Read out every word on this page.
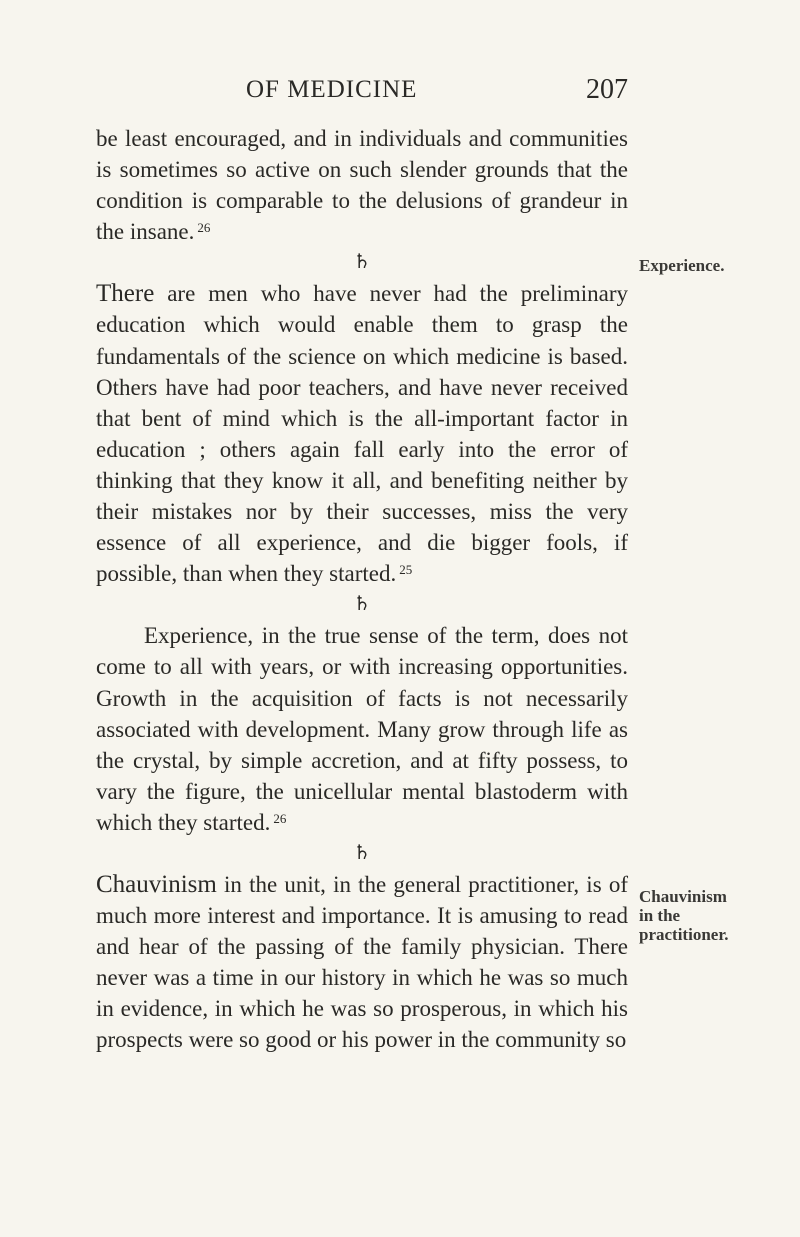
OF MEDICINE	207

be least encouraged, and in individuals and communities is sometimes so active on such slender grounds that the condition is comparable to the delusions of grandeur in the insane. $^{26}$

♄

There are men who have never had the preliminary education which would enable them to grasp the fundamentals of the science on which medicine is based. Others have had poor teachers, and have never received that bent of mind which is the all-important factor in education ; others again fall early into the error of thinking that they know it all, and benefiting neither by their mistakes nor by their successes, miss the very essence of all experience, and die bigger fools, if possible, than when they started. $^{25}$

♄

Experience, in the true sense of the term, does not come to all with years, or with increasing opportunities. Growth in the acquisition of facts is not necessarily associated with development. Many grow through life as the crystal, by simple accretion, and at fifty possess, to vary the figure, the unicellular mental blastoderm with which they started. $^{26}$

♄

Chauvinism in the unit, in the general practitioner, is of much more interest and importance. It is amusing to read and hear of the passing of the family physician. There never was a time in our history in which he was so much in evidence, in which he was so prosperous, in which his prospects were so good or his power in the community so

Experience.
Chauvinism
in the
practitioner.
